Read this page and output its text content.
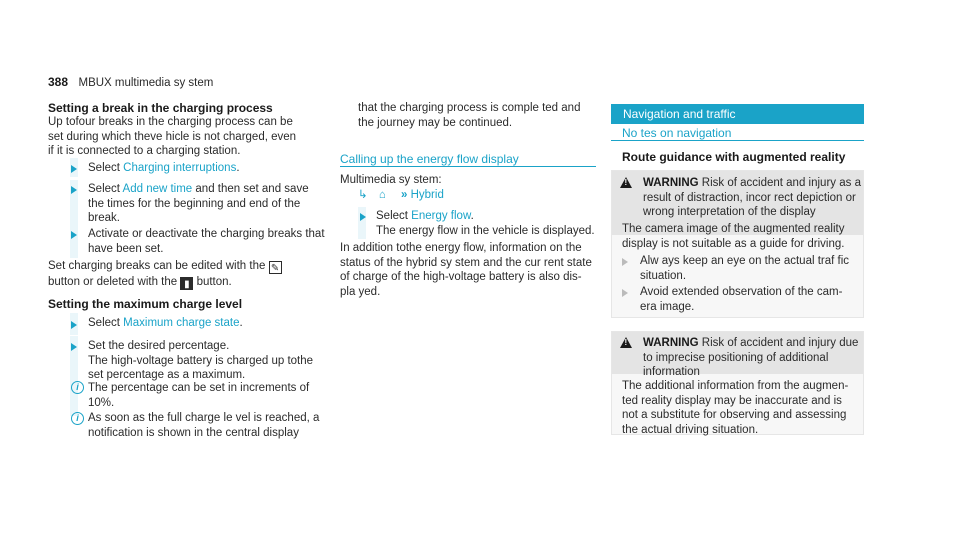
388 MBUX multimedia sy stem
Setting a break in the charging process
Up tofour breaks in the charging process can be
set during which theve hicle is not charged, even
if it is connected to a charging station.
Select Charging interruptions.
Select Add new time and then set and save
the times for the beginning and end of the
break.
Activate or deactivate the charging breaks that
have been set.
Set charging breaks can be edited with the ✎
button or deleted with the ▮ button.
Setting the maximum charge level
Select Maximum charge state.
Set the desired percentage.
The high-voltage battery is charged up tothe
set percentage as a maximum.
i The percentage can be set in increments of
10%.
i As soon as the full charge le vel is reached, a
notification is shown in the central display
that the charging process is comple ted and
the journey may be continued.
Calling up the energy flow display
Multimedia sy stem:
↳ ⌂ » Hybrid
Select Energy flow.
The energy flow in the vehicle is displayed.
In addition tothe energy flow, information on the
status of the hybrid sy stem and the cur rent state
of charge of the high-voltage battery is also dis-
pla yed.
Navigation and traffic
No tes on navigation
Route guidance with augmented reality
! WARNING Risk of accident and injury as a
result of distraction, incor rect depiction or
wrong interpretation of the display
The camera image of the augmented reality
display is not suitable as a guide for driving.
Alw ays keep an eye on the actual traf fic
situation.
Avoid extended observation of the cam-
era image.
! WARNING Risk of accident and injury due
to imprecise positioning of additional
information
The additional information from the augmen-
ted reality display may be inaccurate and is
not a substitute for observing and assessing
the actual driving situation.
